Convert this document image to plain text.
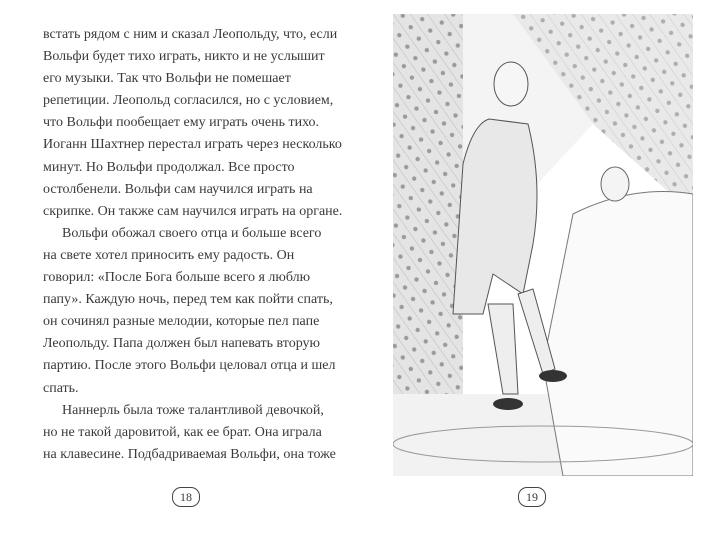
встать рядом с ним и сказал Леопольду, что, если
Вольфи будет тихо играть, никто и не услышит
его музыки. Так что Вольфи не помешает
репетиции. Леопольд согласился, но с условием,
что Вольфи пообещает ему играть очень тихо.
Иоганн Шахтнер перестал играть через несколько
минут. Но Вольфи продолжал. Все просто
остолбенели. Вольфи сам научился играть на
скрипке. Он также сам научился играть на органе.
Вольфи обожал своего отца и больше всего
на свете хотел приносить ему радость. Он
говорил: «После Бога больше всего я люблю
папу». Каждую ночь, перед тем как пойти спать,
он сочинял разные мелодии, которые пел папе
Леопольду. Папа должен был напевать вторую
партию. После этого Вольфи целовал отца и шел
спать.
Наннерль была тоже талантливой девочкой,
но не такой даровитой, как ее брат. Она играла
на клавесине. Подбадриваемая Вольфи, она тоже
18	19
